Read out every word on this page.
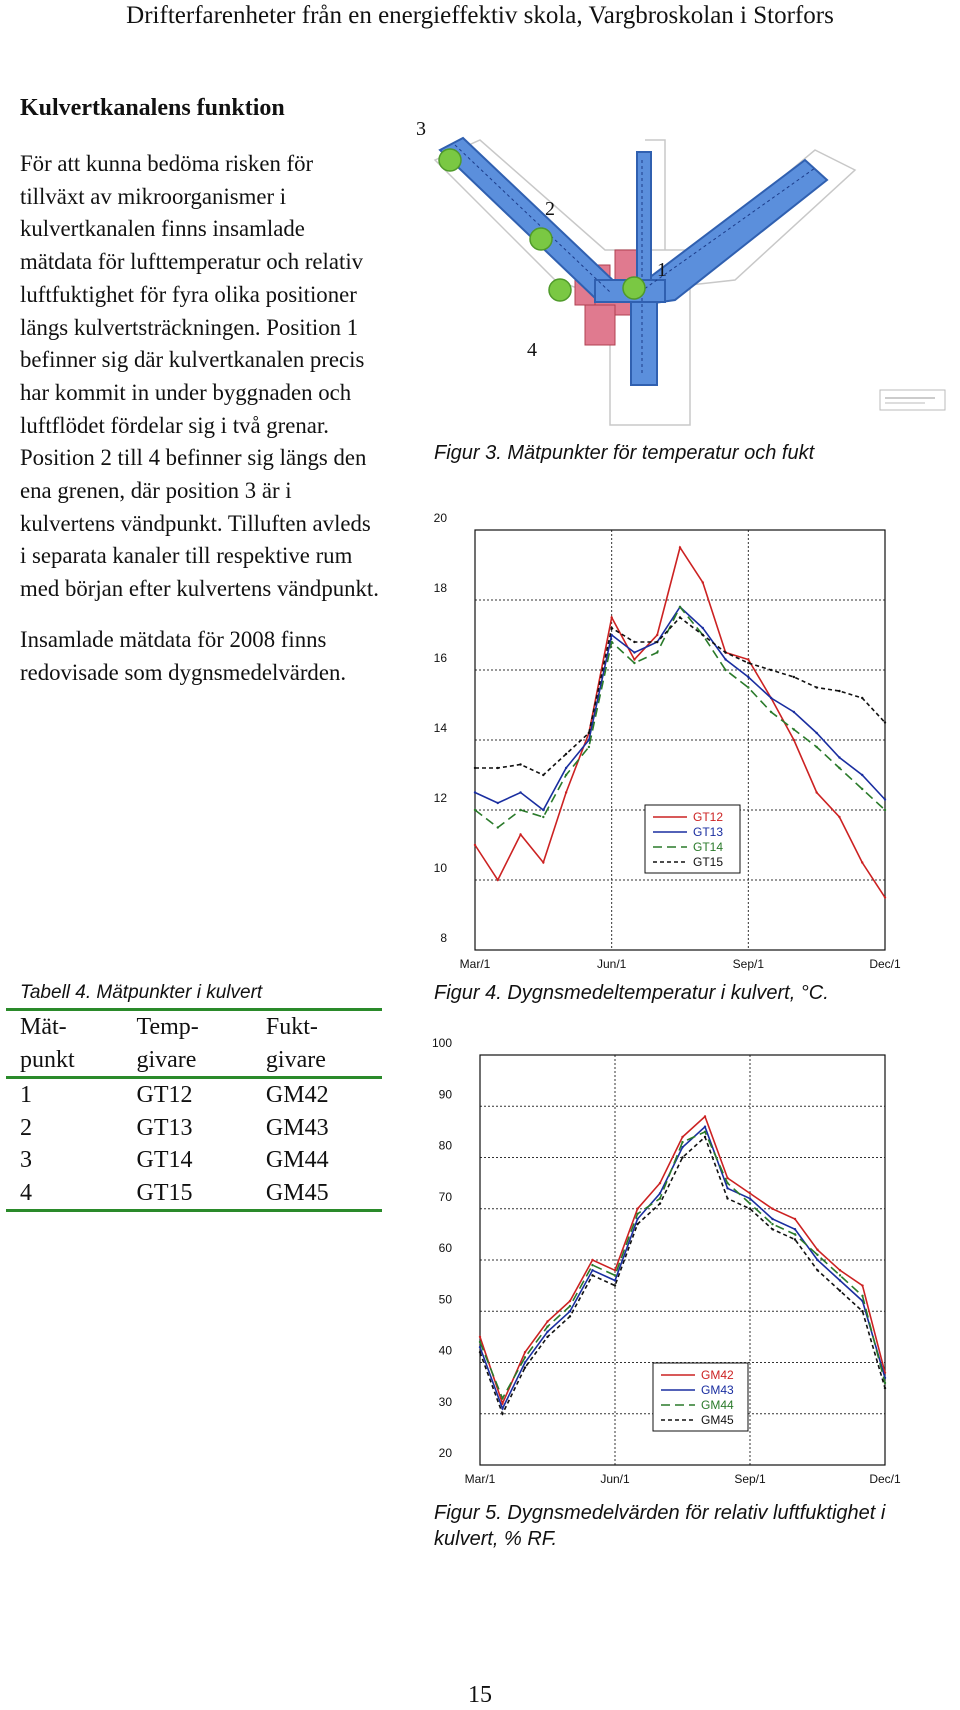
Drifterfarenheter från en energieffektiv skola, Vargbroskolan i Storfors
Kulvertkanalens funktion

För att kunna bedöma risken för tillväxt av mikroorganismer i kulvertkanalen finns insamlade mätdata för lufttemperatur och relativ luftfuktighet för fyra olika positioner längs kulvertsträckningen. Position 1 befinner sig där kulvertkanalen precis har kommit in under byggnaden och luftflödet fördelar sig i två grenar. Position 2 till 4 befinner sig längs den ena grenen, där position 3 är i kulvertens vändpunkt. Tilluften avleds i separata kanaler till respektive rum med början efter kulvertens vändpunkt.

Insamlade mätdata för 2008 finns redovisade som dygnsmedelvärden.

Tabell 4. Mätpunkter i kulvert
Mät-	Temp-	Fukt-
punkt	givare	givare
1	GT12	GM42
2	GT13	GM43
3	GT14	GM44
4	GT15	GM45
3
2
1
4
Figur 3. Mätpunkter för temperatur och fukt
8
10
12
14
16
18
20
Mar/1	Jun/1	Sep/1	Dec/1
GT12
GT13
GT14
GT15
Figur 4. Dygnsmedeltemperatur i kulvert, °C.
20
30
40
50
60
70
80
90
100
Mar/1	Jun/1	Sep/1	Dec/1
GM42
GM43
GM44
GM45
Figur 5. Dygnsmedelvärden för relativ luftfuktighet i kulvert, % RF.
15
